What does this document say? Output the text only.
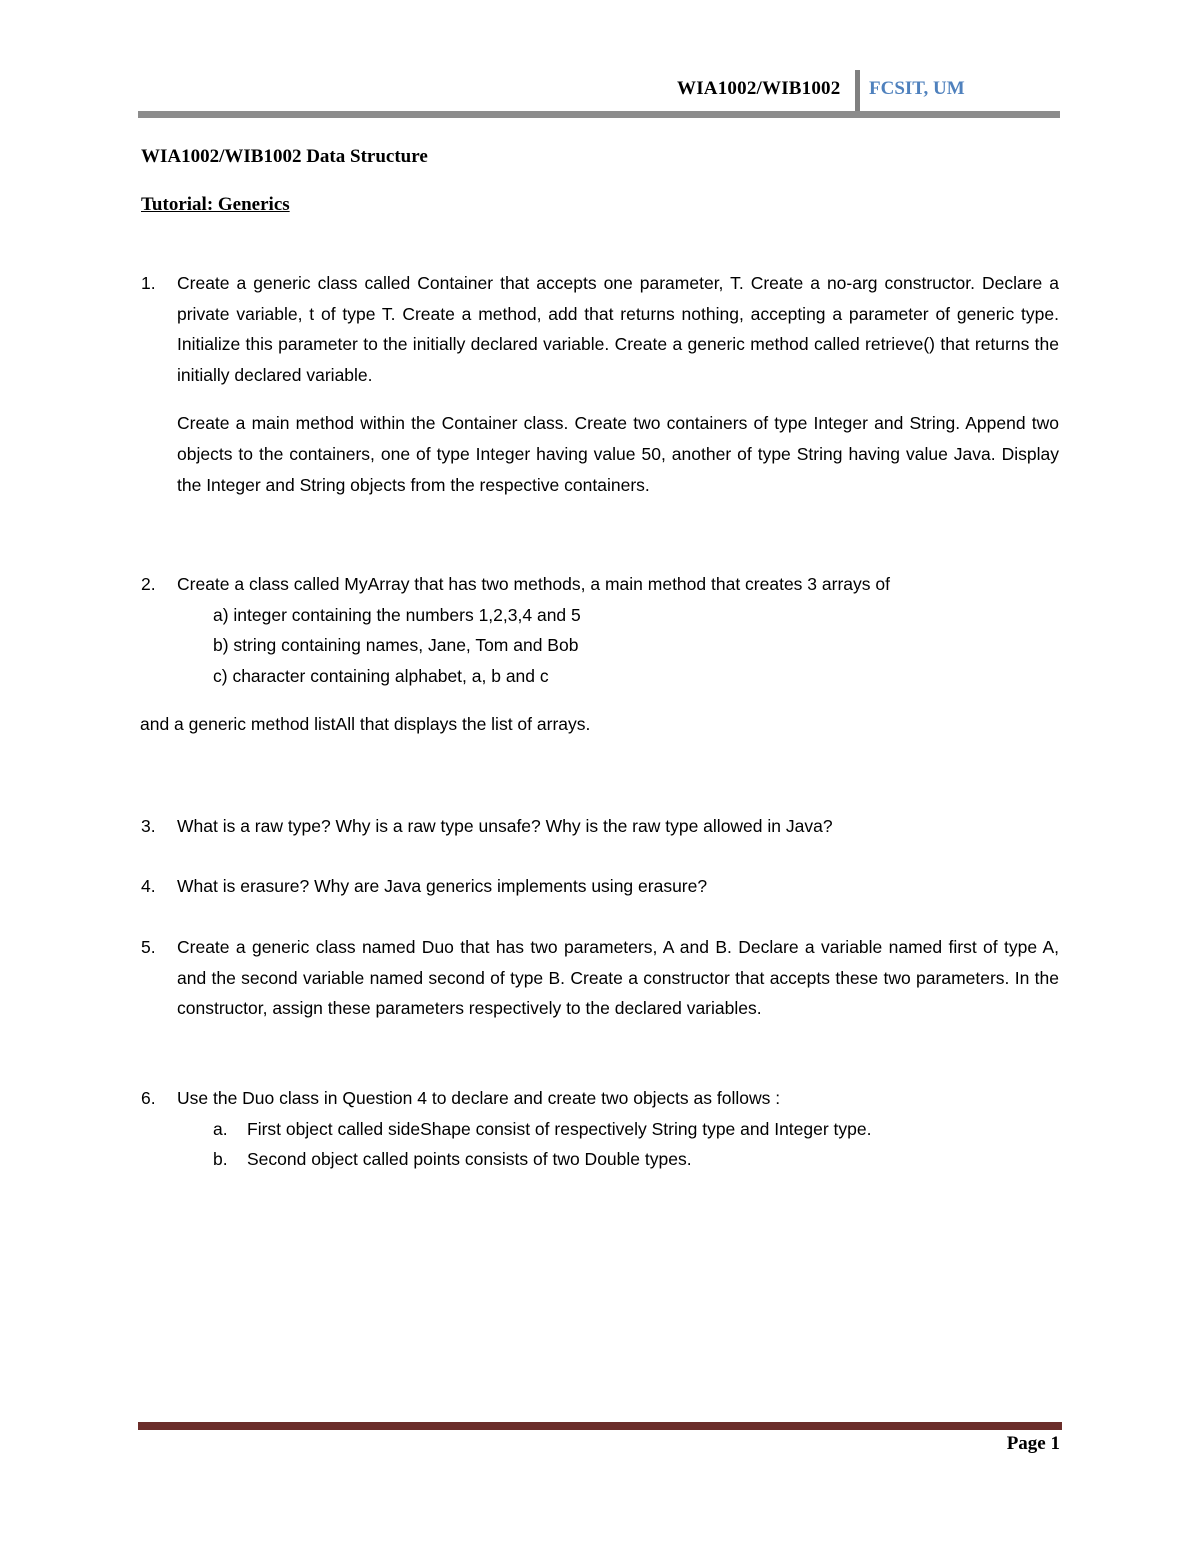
WIA1002/WIB1002 FCSIT, UM
WIA1002/WIB1002 Data Structure
Tutorial: Generics
1. Create a generic class called Container that accepts one parameter, T. Create a no-arg constructor. Declare a private variable, t of type T. Create a method, add that returns nothing, accepting a parameter of generic type. Initialize this parameter to the initially declared variable. Create a generic method called retrieve() that returns the initially declared variable.
Create a main method within the Container class. Create two containers of type Integer and String. Append two objects to the containers, one of type Integer having value 50, another of type String having value Java. Display the Integer and String objects from the respective containers.
2. Create a class called MyArray that has two methods, a main method that creates 3 arrays of
a) integer containing the numbers 1,2,3,4 and 5
b) string containing names, Jane, Tom and Bob
c) character containing alphabet, a, b and c
and a generic method listAll that displays the list of arrays.
3. What is a raw type? Why is a raw type unsafe? Why is the raw type allowed in Java?
4. What is erasure? Why are Java generics implements using erasure?
5. Create a generic class named Duo that has two parameters, A and B. Declare a variable named first of type A, and the second variable named second of type B. Create a constructor that accepts these two parameters. In the constructor, assign these parameters respectively to the declared variables.
6. Use the Duo class in Question 4 to declare and create two objects as follows :
a. First object called sideShape consist of respectively String type and Integer type.
b. Second object called points consists of two Double types.
Page 1
